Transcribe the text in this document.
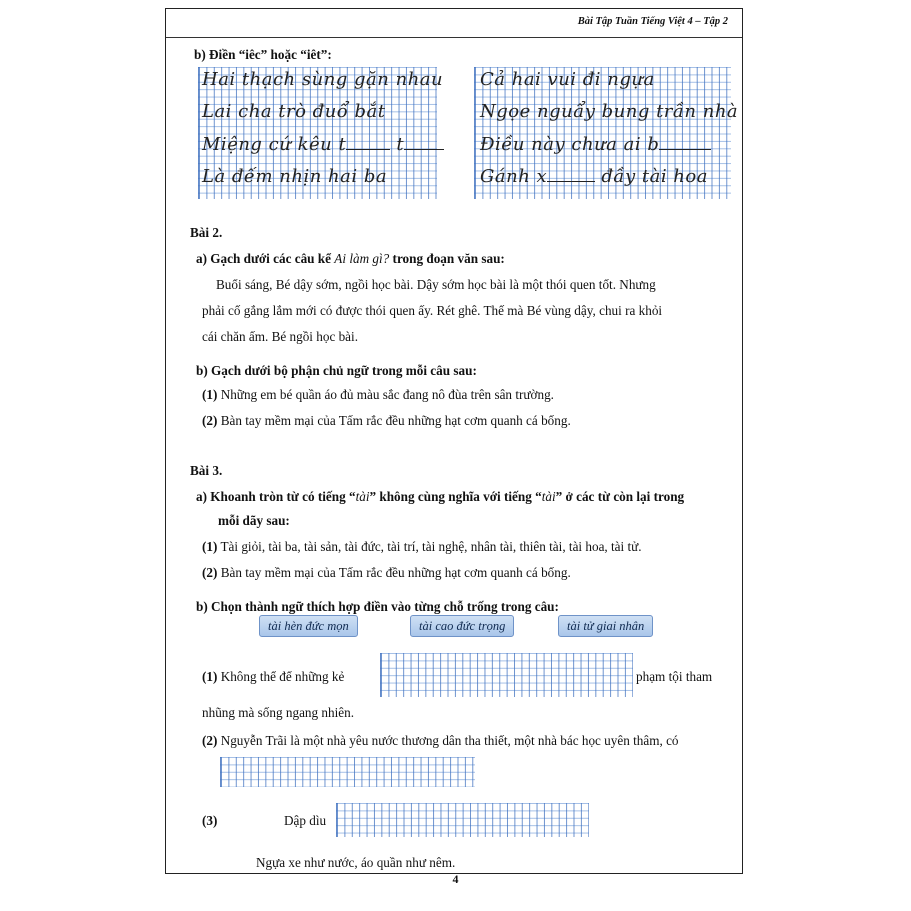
Bài Tập Tuần Tiếng Việt 4 – Tập 2
b) Điền “iêc” hoặc “iêt”:
Hai thạch sùng gặn nhau
Lai cha trò đuổ bắt
Miệng cứ kêu t	t
Là đếm nhịn hai ba
Cả hai vui đi ngựa
Ngọe nguẩy bung trần nhà
Điều này chưa ai b
Gánh x	đầy tài hoa
Bài 2.
a) Gạch dưới các câu kể Ai làm gì? trong đoạn văn sau:
Buổi sáng, Bé dậy sớm, ngồi học bài. Dậy sớm học bài là một thói quen tốt. Nhưng
phải cố gắng lắm mới có được thói quen ấy. Rét ghê. Thế mà Bé vùng dậy, chui ra khỏi
cái chăn ấm. Bé ngồi học bài.
b) Gạch dưới bộ phận chủ ngữ trong mỗi câu sau:
(1) Những em bé quần áo đủ màu sắc đang nô đùa trên sân trường.
(2) Bàn tay mềm mại của Tấm rắc đều những hạt cơm quanh cá bống.
Bài 3.
a) Khoanh tròn từ có tiếng “tài” không cùng nghĩa với tiếng “tài” ở các từ còn lại trong
mỗi dãy sau:
(1) Tài giỏi, tài ba, tài sản, tài đức, tài trí, tài nghệ, nhân tài, thiên tài, tài hoa, tài tử.
(2) Bàn tay mềm mại của Tấm rắc đều những hạt cơm quanh cá bống.
b) Chọn thành ngữ thích hợp điền vào từng chỗ trống trong câu:
tài hèn đức mọn	tài cao đức trọng	tài tử giai nhân
(1) Không thể để những kẻ	phạm tội tham
nhũng mà sống ngang nhiên.
(2) Nguyễn Trãi là một nhà yêu nước thương dân tha thiết, một nhà bác học uyên thâm, có
(3)	Dập dìu
Ngựa xe như nước, áo quần như nêm.
4
